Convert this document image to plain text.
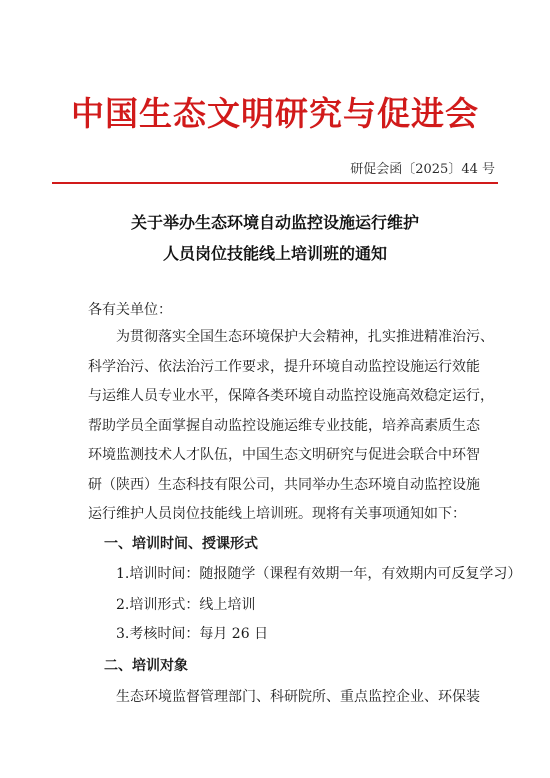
中国生态文明研究与促进会
研促会函〔2025〕44 号
关于举办生态环境自动监控设施运行维护
人员岗位技能线上培训班的通知
各有关单位：
为贯彻落实全国生态环境保护大会精神，扎实推进精准治污、
科学治污、依法治污工作要求，提升环境自动监控设施运行效能
与运维人员专业水平，保障各类环境自动监控设施高效稳定运行，
帮助学员全面掌握自动监控设施运维专业技能，培养高素质生态
环境监测技术人才队伍，中国生态文明研究与促进会联合中环智
研（陕西）生态科技有限公司，共同举办生态环境自动监控设施
运行维护人员岗位技能线上培训班。现将有关事项通知如下：
一、培训时间、授课形式
1.培训时间：随报随学（课程有效期一年，有效期内可反复学习）
2.培训形式：线上培训
3.考核时间：每月 26 日
二、培训对象
生态环境监督管理部门、科研院所、重点监控企业、环保装
